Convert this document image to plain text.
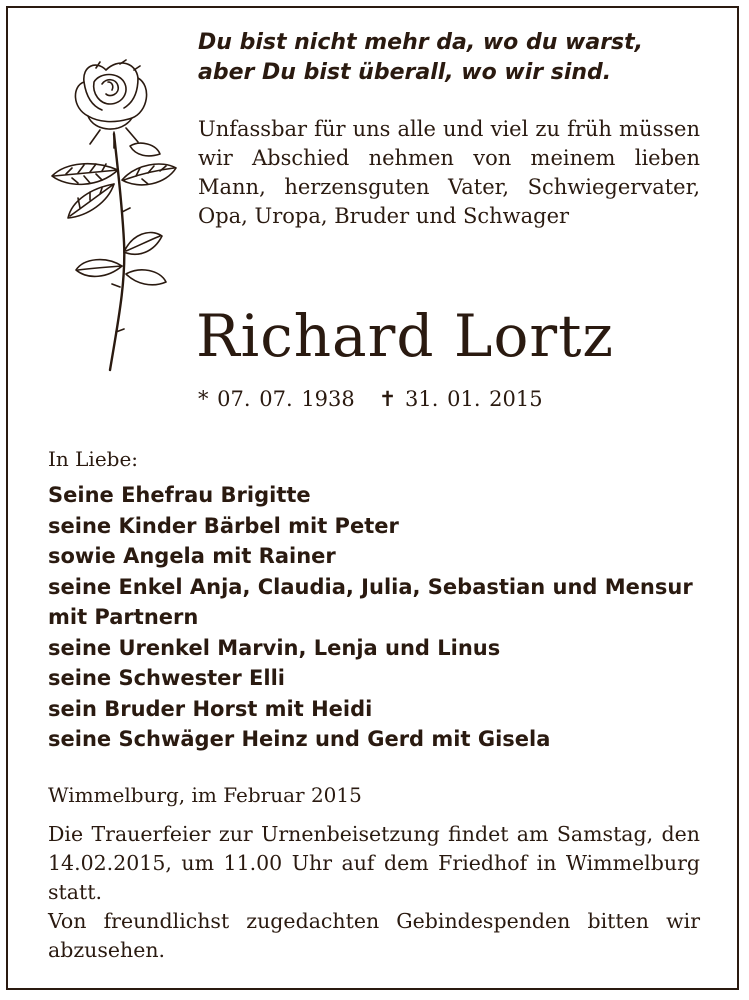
Du bist nicht mehr da, wo du warst,
aber Du bist überall, wo wir sind.
Unfassbar für uns alle und viel zu früh müssen wir Abschied nehmen von meinem lieben Mann, herzensguten Vater, Schwiegervater, Opa, Uropa, Bruder und Schwager
Richard Lortz
* 07. 07. 1938 ✝ 31. 01. 2015
In Liebe:
Seine Ehefrau Brigitte
seine Kinder Bärbel mit Peter
sowie Angela mit Rainer
seine Enkel Anja, Claudia, Julia, Sebastian und Mensur
mit Partnern
seine Urenkel Marvin, Lenja und Linus
seine Schwester Elli
sein Bruder Horst mit Heidi
seine Schwäger Heinz und Gerd mit Gisela
Wimmelburg, im Februar 2015

Die Trauerfeier zur Urnenbeisetzung findet am Samstag, den 14.02.2015, um 11.00 Uhr auf dem Friedhof in Wimmelburg statt.

Von freundlichst zugedachten Gebindespenden bitten wir abzusehen.
